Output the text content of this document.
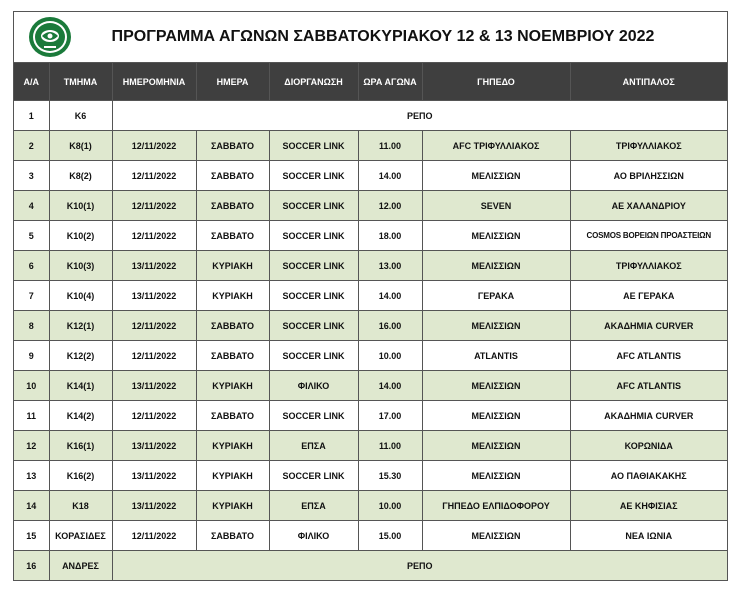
ΠΡΟΓΡΑΜΜΑ ΑΓΩΝΩΝ ΣΑΒΒΑΤΟΚΥΡΙΑΚΟΥ 12 & 13 ΝΟΕΜΒΡΙΟΥ 2022
Α/Α	ΤΜΗΜΑ	ΗΜΕΡΟΜΗΝΙΑ	ΗΜΕΡΑ	ΔΙΟΡΓΑΝΩΣΗ	ΩΡΑ ΑΓΩΝΑ	ΓΗΠΕΔΟ	ΑΝΤΙΠΑΛΟΣ
1	K6	ΡΕΠΟ					
2	K8(1)	12/11/2022	ΣΑΒΒΑΤΟ	SOCCER LINK	11.00	AFC ΤΡΙΦΥΛΛΙΑΚΟΣ	ΤΡΙΦΥΛΛΙΑΚΟΣ
3	K8(2)	12/11/2022	ΣΑΒΒΑΤΟ	SOCCER LINK	14.00	ΜΕΛΙΣΣΙΩΝ	ΑΟ ΒΡΙΛΗΣΣΙΩΝ
4	K10(1)	12/11/2022	ΣΑΒΒΑΤΟ	SOCCER LINK	12.00	SEVEN	ΑΕ ΧΑΛΑΝΔΡΙΟΥ
5	K10(2)	12/11/2022	ΣΑΒΒΑΤΟ	SOCCER LINK	18.00	ΜΕΛΙΣΣΙΩΝ	COSMOS ΒΟΡΕΙΩΝ ΠΡΟΑΣΤΕΙΩΝ
6	K10(3)	13/11/2022	ΚΥΡΙΑΚΗ	SOCCER LINK	13.00	ΜΕΛΙΣΣΙΩΝ	ΤΡΙΦΥΛΛΙΑΚΟΣ
7	K10(4)	13/11/2022	ΚΥΡΙΑΚΗ	SOCCER LINK	14.00	ΓΕΡΑΚΑ	ΑΕ ΓΕΡΑΚΑ
8	K12(1)	12/11/2022	ΣΑΒΒΑΤΟ	SOCCER LINK	16.00	ΜΕΛΙΣΣΙΩΝ	ΑΚΑΔΗΜΙΑ CURVER
9	K12(2)	12/11/2022	ΣΑΒΒΑΤΟ	SOCCER LINK	10.00	ATLANTIS	AFC ATLANTIS
10	K14(1)	13/11/2022	ΚΥΡΙΑΚΗ	ΦΙΛΙΚΟ	14.00	ΜΕΛΙΣΣΙΩΝ	AFC ATLANTIS
11	K14(2)	12/11/2022	ΣΑΒΒΑΤΟ	SOCCER LINK	17.00	ΜΕΛΙΣΣΙΩΝ	ΑΚΑΔΗΜΙΑ CURVER
12	K16(1)	13/11/2022	ΚΥΡΙΑΚΗ	ΕΠΣΑ	11.00	ΜΕΛΙΣΣΙΩΝ	ΚΟΡΩΝΙΔΑ
13	K16(2)	13/11/2022	ΚΥΡΙΑΚΗ	SOCCER LINK	15.30	ΜΕΛΙΣΣΙΩΝ	ΑΟ ΠΑΘΙΑΚΑΚΗΣ
14	K18	13/11/2022	ΚΥΡΙΑΚΗ	ΕΠΣΑ	10.00	ΓΗΠΕΔΟ ΕΛΠΙΔΟΦΟΡΟΥ	ΑΕ ΚΗΦΙΣΙΑΣ
15	ΚΟΡΑΣΙΔΕΣ	12/11/2022	ΣΑΒΒΑΤΟ	ΦΙΛΙΚΟ	15.00	ΜΕΛΙΣΣΙΩΝ	ΝΕΑ ΙΩΝΙΑ
16	ΑΝΔΡΕΣ	ΡΕΠΟ					
